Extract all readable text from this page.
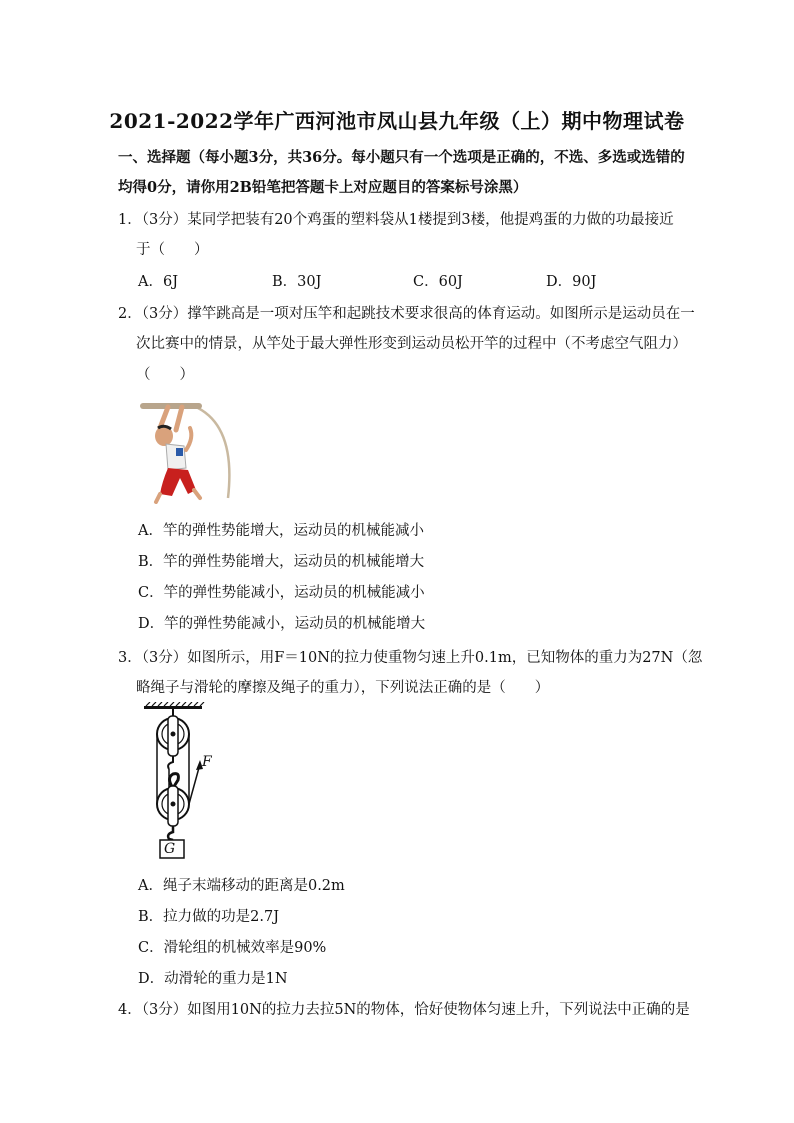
2021-2022学年广西河池市凤山县九年级（上）期中物理试卷
一、选择题（每小题3分，共36分。每小题只有一个选项是正确的，不选、多选或选错的
均得0分，请你用2B铅笔把答题卡上对应题目的答案标号涂黑）
1．（3分）某同学把装有20个鸡蛋的塑料袋从1楼提到3楼，他提鸡蛋的力做的功最接近
于（　　）
A．6J	B．30J	C．60J	D．90J
2．（3分）撑竿跳高是一项对压竿和起跳技术要求很高的体育运动。如图所示是运动员在一
次比赛中的情景，从竿处于最大弹性形变到运动员松开竿的过程中（不考虑空气阻力）
（　　）
A．竿的弹性势能增大，运动员的机械能减小
B．竿的弹性势能增大，运动员的机械能增大
C．竿的弹性势能减小，运动员的机械能减小
D．竿的弹性势能减小，运动员的机械能增大
3．（3分）如图所示，用F＝10N的拉力使重物匀速上升0.1m，已知物体的重力为27N（忽
略绳子与滑轮的摩擦及绳子的重力），下列说法正确的是（　　）
F
G
A．绳子末端移动的距离是0.2m
B．拉力做的功是2.7J
C．滑轮组的机械效率是90%
D．动滑轮的重力是1N
4．（3分）如图用10N的拉力去拉5N的物体，恰好使物体匀速上升，下列说法中正确的是
